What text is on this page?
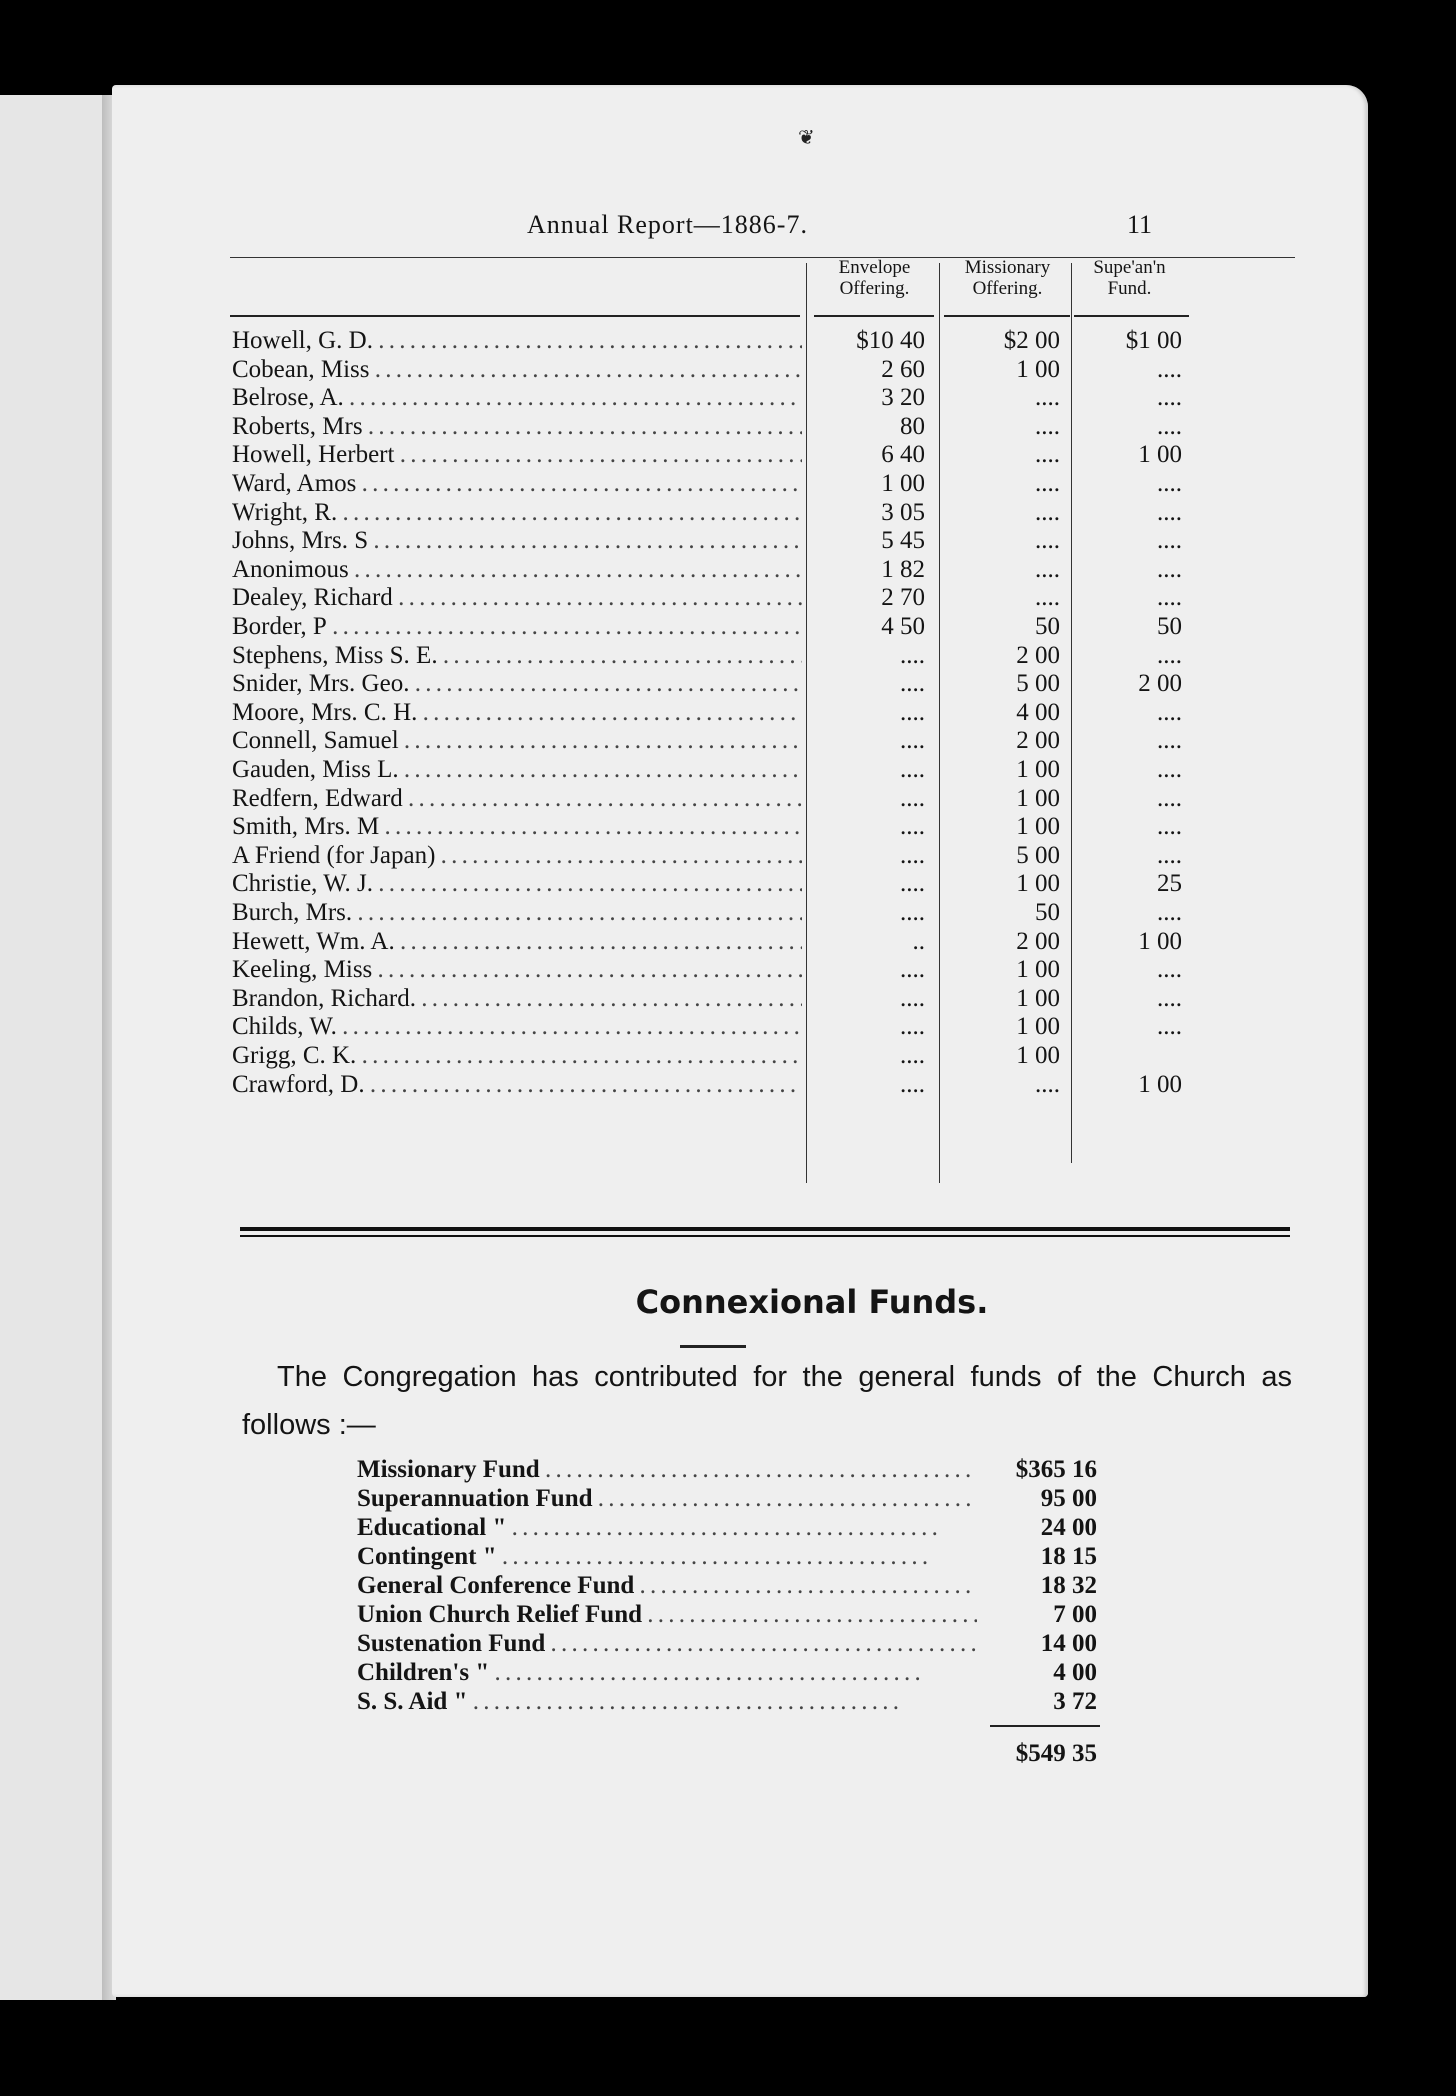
❦
Annual Report—1886-7.	11
Envelope Offering.
Missionary Offering.
Supe'an'n Fund.
Howell, G. D. . . .	$10 40	$2 00	$1 00
Cobean, Miss . . .	2 60	1 00	....
Belrose, A. . . .	3 20	....	....
Roberts, Mrs . . .	80	....	....
Howell, Herbert . . .	6 40	....	1 00
Ward, Amos . . .	1 00	....	....
Wright, R. . . .	3 05	....	....
Johns, Mrs. S . . .	5 45	....	....
Anonimous . . .	1 82	....	....
Dealey, Richard . . .	2 70	....	....
Border, P . . .	4 50	50	50
Stephens, Miss S. E. . . .	....	2 00	....
Snider, Mrs. Geo. . . .	....	5 00	2 00
Moore, Mrs. C. H. . . .	....	4 00	....
Connell, Samuel . . .	....	2 00	....
Gauden, Miss L. . . .	....	1 00	....
Redfern, Edward . . .	....	1 00	....
Smith, Mrs. M . . .	....	1 00	....
A Friend (for Japan) . . .	....	5 00	....
Christie, W. J. . . .	....	1 00	25
Burch, Mrs. . . .	....	50	....
Hewett, Wm. A. . . .	..	2 00	1 00
Keeling, Miss . . .	....	1 00	....
Brandon, Richard. . . .	....	1 00	....
Childs, W. . . .	....	1 00	....
Grigg, C. K. . . .	....	1 00
Crawford, D. . . .	....	....	1 00
Connexional Funds.
The Congregation has contributed for the general funds of the Church as follows :—
Missionary Fund . . .	$365 16
Superannuation Fund . . .	95 00
Educational " . . .	24 00
Contingent " . . .	18 15
General Conference Fund . . .	18 32
Union Church Relief Fund . . .	7 00
Sustenation Fund . . .	14 00
Children's " . . .	4 00
S. S. Aid " . . .	3 72
$549 35
